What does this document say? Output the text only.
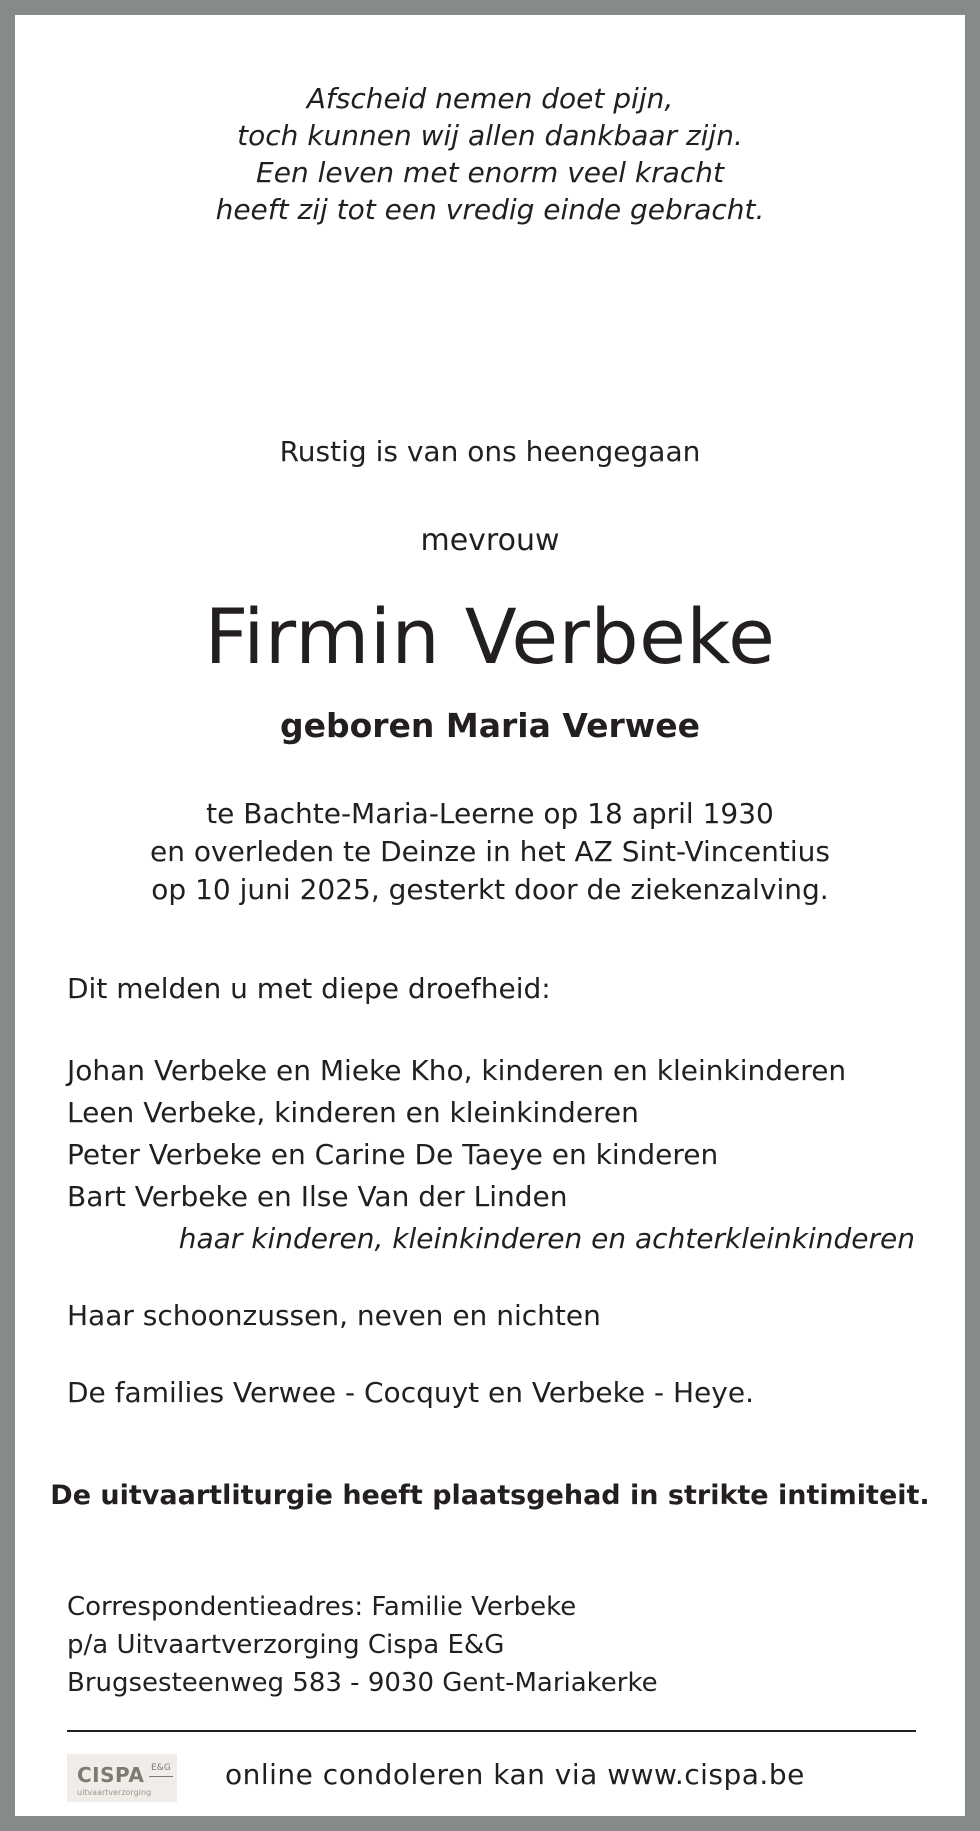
Afscheid nemen doet pijn,
toch kunnen wij allen dankbaar zijn.
Een leven met enorm veel kracht
heeft zij tot een vredig einde gebracht.
Rustig is van ons heengegaan
mevrouw
Firmin Verbeke
geboren Maria Verwee
te Bachte-Maria-Leerne op 18 april 1930
en overleden te Deinze in het AZ Sint-Vincentius
op 10 juni 2025, gesterkt door de ziekenzalving.
Dit melden u met diepe droefheid:
Johan Verbeke en Mieke Kho, kinderen en kleinkinderen
Leen Verbeke, kinderen en kleinkinderen
Peter Verbeke en Carine De Taeye en kinderen
Bart Verbeke en Ilse Van der Linden
haar kinderen, kleinkinderen en achterkleinkinderen
Haar schoonzussen, neven en nichten
De families Verwee - Cocquyt en Verbeke - Heye.
De uitvaartliturgie heeft plaatsgehad in strikte intimiteit.
Correspondentieadres: Familie Verbeke
p/a Uitvaartverzorging Cispa E&G
Brugsesteenweg 583 - 9030 Gent-Mariakerke
CISPA E&G
uitvaartverzorging
online condoleren kan via www.cispa.be
